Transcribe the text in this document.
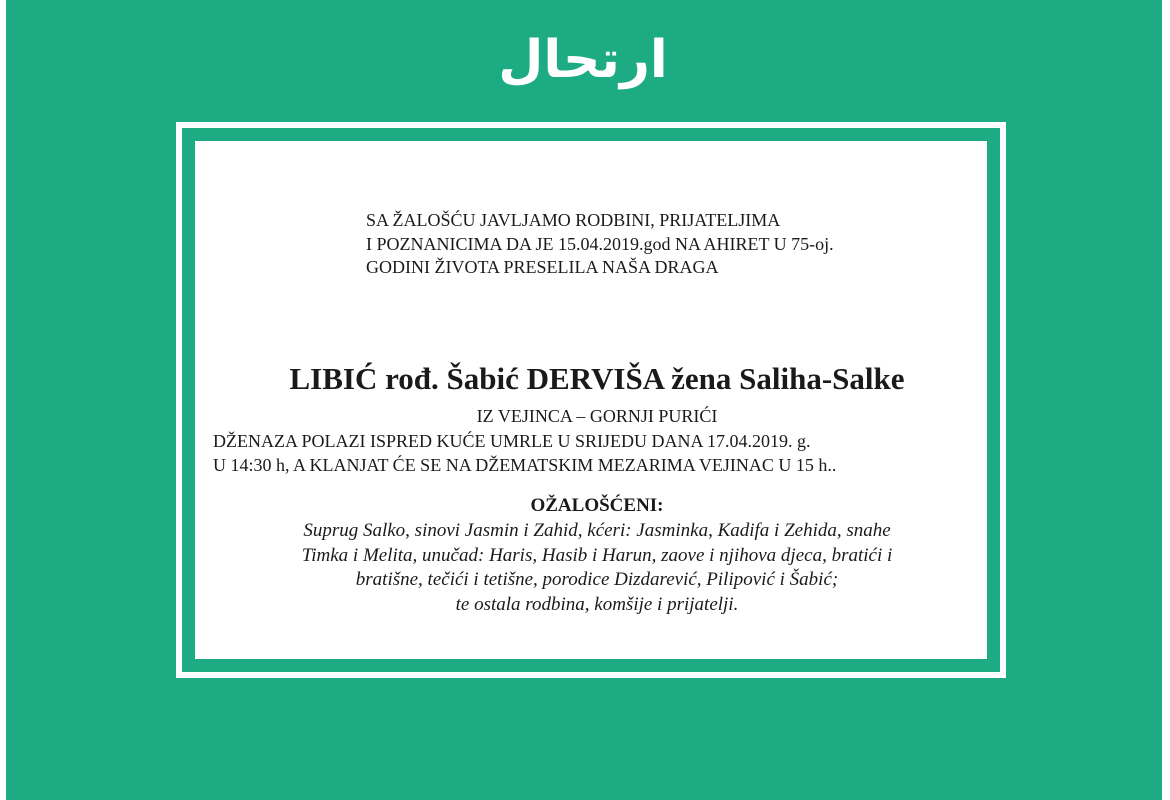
ارتحال
SA ŽALOŠĆU JAVLJAMO RODBINI, PRIJATELJIMA
I POZNANICIMA DA JE 15.04.2019.god NA AHIRET U 75-oj.
GODINI ŽIVOTA PRESELILA NAŠA DRAGA
LIBIĆ rođ. Šabić DERVIŠA žena Saliha-Salke
IZ VEJINCA – GORNJI PURIĆI
DŽENAZA POLAZI ISPRED KUĆE UMRLE U SRIJEDU DANA 17.04.2019. g.
U 14:30 h, A KLANJAT ĆE SE NA DŽEMATSKIM MEZARIMA VEJINAC U 15 h..
OŽALOŠĆENI:
Suprug Salko, sinovi Jasmin i Zahid, kćeri: Jasminka, Kadifa i Zehida, snahe
Timka i Melita, unučad: Haris, Hasib i Harun, zaove i njihova djeca, bratići i
bratišne, tečići i tetišne, porodice Dizdarević, Pilipović i Šabić;
te ostala rodbina, komšije i prijatelji.
